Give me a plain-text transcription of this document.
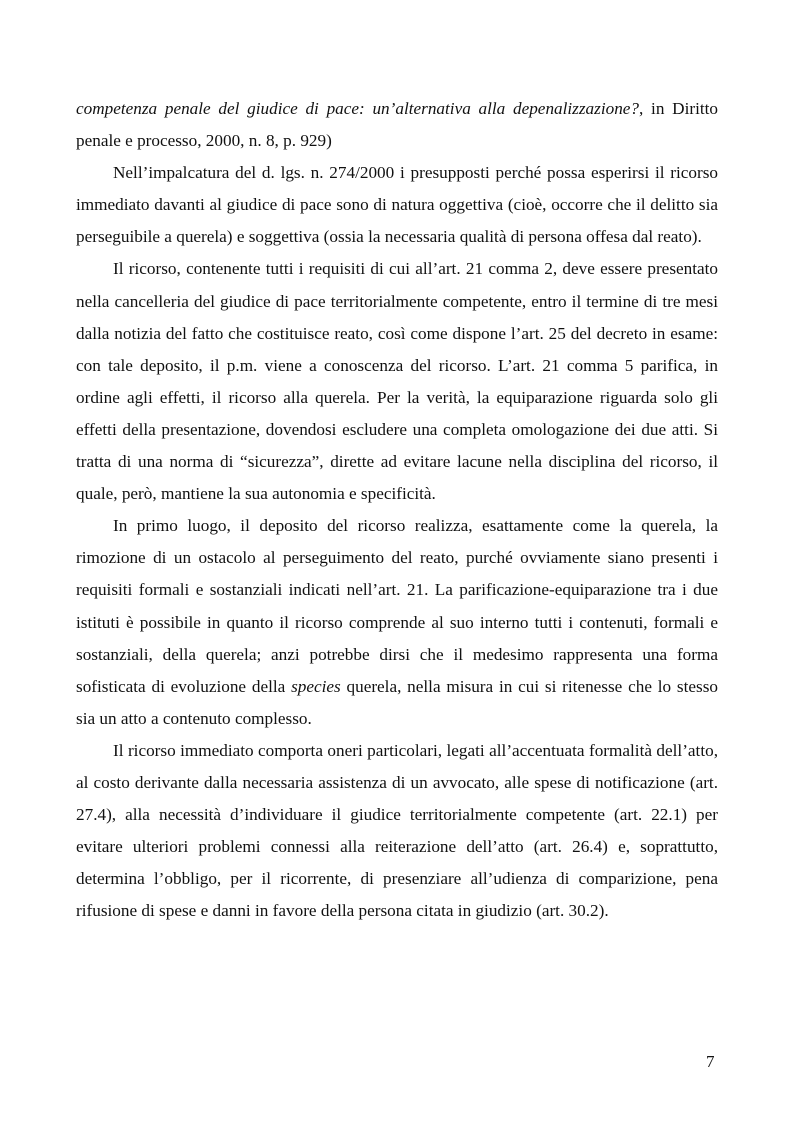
competenza penale del giudice di pace: un’alternativa alla depenalizzazione?, in Diritto penale e processo, 2000, n. 8, p. 929)

Nell’impalcatura del d. lgs. n. 274/2000 i presupposti perché possa esperirsi il ricorso immediato davanti al giudice di pace sono di natura oggettiva (cioè, occorre che il delitto sia perseguibile a querela) e soggettiva (ossia la necessaria qualità di persona offesa dal reato).

Il ricorso, contenente tutti i requisiti di cui all’art. 21 comma 2, deve essere presentato nella cancelleria del giudice di pace territorialmente competente, entro il termine di tre mesi dalla notizia del fatto che costituisce reato, così come dispone l’art. 25 del decreto in esame: con tale deposito, il p.m. viene a conoscenza del ricorso. L’art. 21 comma 5 parifica, in ordine agli effetti, il ricorso alla querela. Per la verità, la equiparazione riguarda solo gli effetti della presentazione, dovendosi escludere una completa omologazione dei due atti. Si tratta di una norma di “sicurezza”, dirette ad evitare lacune nella disciplina del ricorso, il quale, però, mantiene la sua autonomia e specificità.

In primo luogo, il deposito del ricorso realizza, esattamente come la querela, la rimozione di un ostacolo al perseguimento del reato, purché ovviamente siano presenti i requisiti formali e sostanziali indicati nell’art. 21. La parificazione-equiparazione tra i due istituti è possibile in quanto il ricorso comprende al suo interno tutti i contenuti, formali e sostanziali, della querela; anzi potrebbe dirsi che il medesimo rappresenta una forma sofisticata di evoluzione della species querela, nella misura in cui si ritenesse che lo stesso sia un atto a contenuto complesso.

Il ricorso immediato comporta oneri particolari, legati all’accentuata formalità dell’atto, al costo derivante dalla necessaria assistenza di un avvocato, alle spese di notificazione (art. 27.4), alla necessità d’individuare il giudice territorialmente competente (art. 22.1) per evitare ulteriori problemi connessi alla reiterazione dell’atto (art. 26.4) e, soprattutto, determina l’obbligo, per il ricorrente, di presenziare all’udienza di comparizione, pena rifusione di spese e danni in favore della persona citata in giudizio (art. 30.2).

7
